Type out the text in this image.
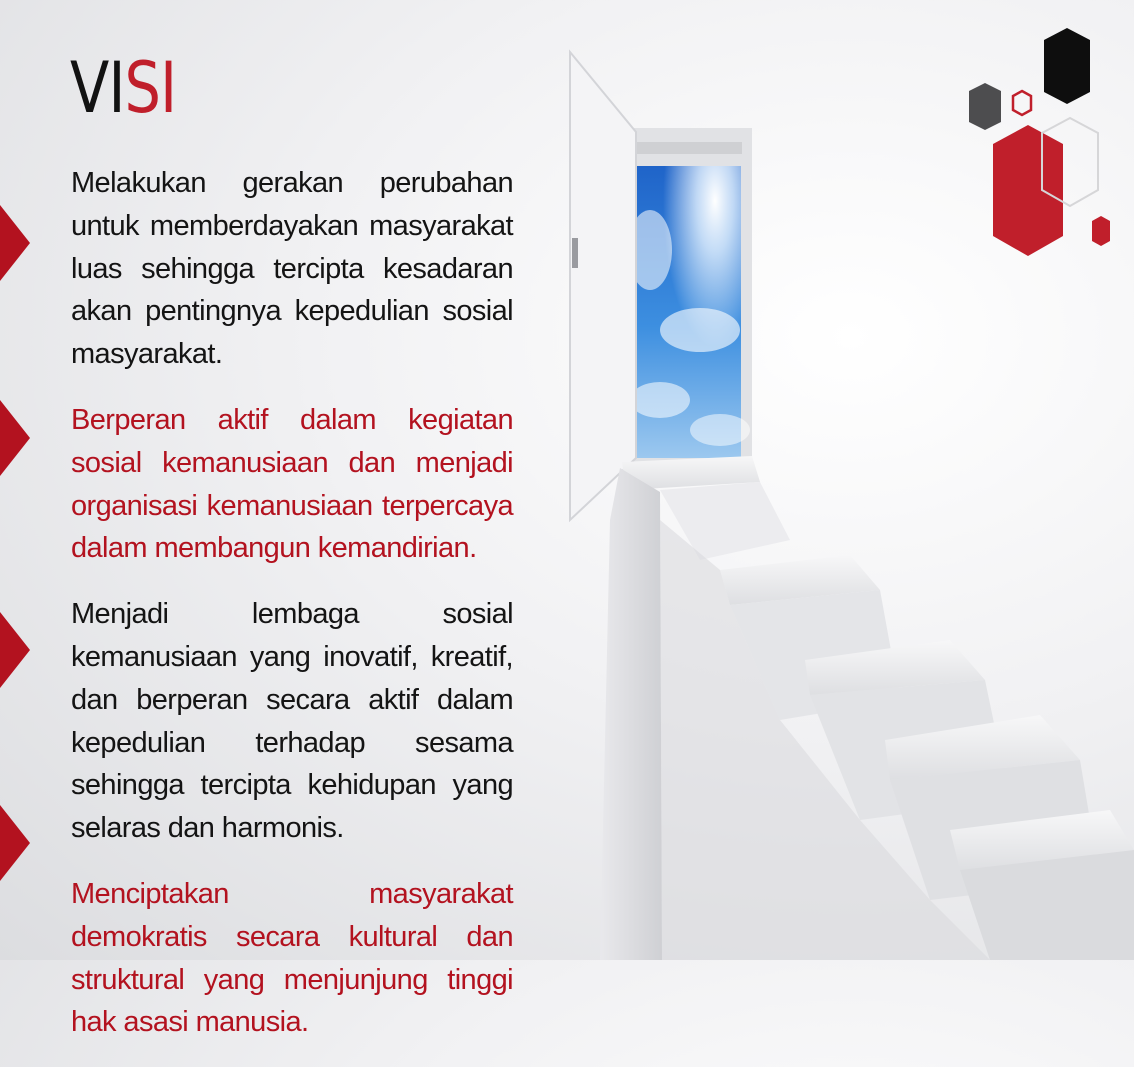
VISI

Melakukan gerakan perubahan untuk memberdayakan masyarakat luas sehingga tercipta kesadaran akan pentingnya kepedulian sosial masyarakat.

Berperan aktif dalam kegiatan sosial kemanusiaan dan menjadi organisasi kemanusiaan terpercaya dalam membangun kemandirian.

Menjadi lembaga sosial kemanusiaan yang inovatif, kreatif, dan berperan secara aktif dalam kepedulian terhadap sesama sehingga tercipta kehidupan yang selaras dan harmonis.

Menciptakan masyarakat demokratis secara kultural dan struktural yang menjunjung tinggi hak asasi manusia.
